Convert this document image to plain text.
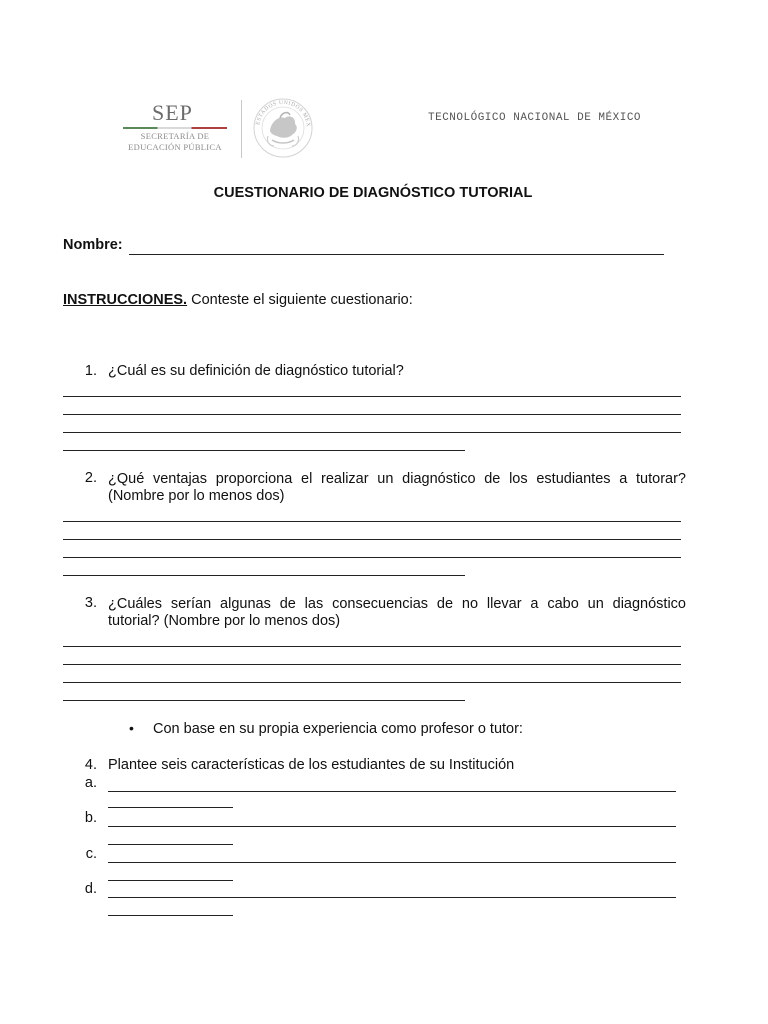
SEP
SECRETARÍA DE
EDUCACIÓN PÚBLICA
ESTADOS UNIDOS MEX
TECNOLÓGICO NACIONAL DE MÉXICO
CUESTIONARIO DE DIAGNÓSTICO TUTORIAL
Nombre:
INSTRUCCIONES. Conteste el siguiente cuestionario:
1. ¿Cuál es su definición de diagnóstico tutorial?
2. ¿Qué ventajas proporciona el realizar un diagnóstico de los estudiantes a tutorar?
(Nombre por lo menos dos)
3. ¿Cuáles serían algunas de las consecuencias de no llevar a cabo un diagnóstico
tutorial? (Nombre por lo menos dos)
• Con base en su propia experiencia como profesor o tutor:
4. Plantee seis características de los estudiantes de su Institución
a.
b.
c.
d.
